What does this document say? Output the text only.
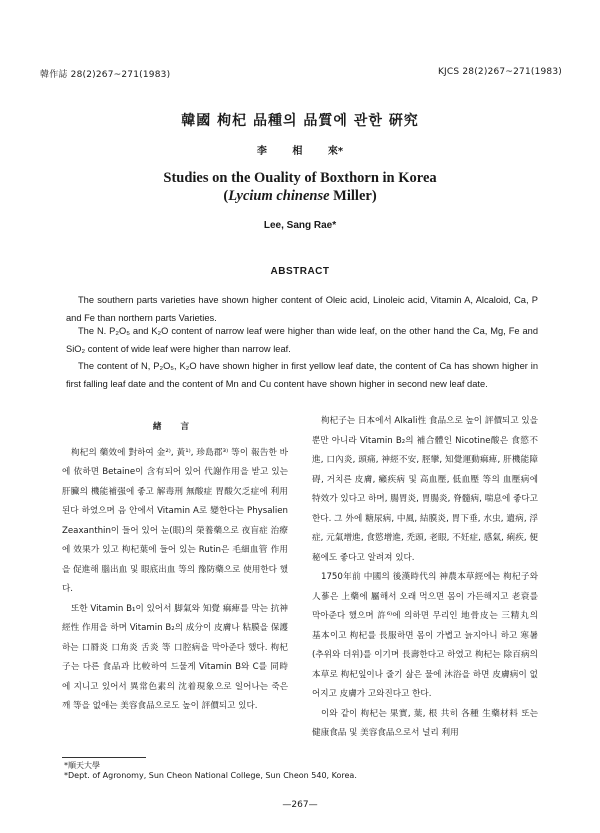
韓作誌 28(2)267~271(1983)	KJCS 28(2)267~271(1983)
韓國 枸杞 品種의 品質에 관한 硏究
李 相 來*
Studies on the Ouality of Boxthorn in Korea
(Lycium chinense Miller)
Lee, Sang Rae*
ABSTRACT

The southern parts varieties have shown higher content of Oleic acid, Linoleic acid, Vitamin A, Alcaloid, Ca, P and Fe than northern parts Varieties.

The N. P₂O₅ and K₂O content of narrow leaf were higher than wide leaf, on the other hand the Ca, Mg, Fe and SiO₂ content of wide leaf were higher than narrow leaf.

The content of N, P₂O₅, K₂O have shown higher in first yellow leaf date, the content of Ca has shown higher in first falling leaf date and the content of Mn and Cu content have shown higher in second new leaf date.

緖 言

枸杞의 藥效에 對하여 金²⁾, 黃¹⁾, 珍島郡³⁾ 等이 報告한 바에 依하면 Betaine이 含有되어 있어 代謝作用을 받고 있는 肝臟의 機能補强에 좋고 解毒刑 無酸症 胃酸欠乏症에 利用된다 하였으며 음 안에서 Vitamin A로 變한다는 Physalien Zeaxanthin이 들어 있어 눈(眼)의 榮養藥으로 夜盲症 治療에 效果가 있고 枸杞葉에 들어 있는 Rutin은 毛細血管 作用을 促進해 腦出血 및 眼底出血 等의 豫防藥으로 使用한다 했다.

또한 Vitamin B₁이 있어서 脚氣와 知覺 痲痺를 막는 抗神經性 作用을 하며 Vitamin B₂의 成分이 皮膚나 粘膜을 保護하는 口脣炎 口角炎 舌炎 等 口腔病을 막아준다 했다. 枸杞子는 다른 食品과 比較하여 드물게 Vitamin B와 C를 同時에 지니고 있어서 異常色素의 沈着現象으로 일어나는 죽은깨 等을 없애는 美容食品으로도 높이 評價되고 있다.

枸杞子는 日本에서 Alkali性 食品으로 높이 評價되고 있을 뿐만 아니라 Vitamin B₂의 補合體인 Nicotine酸은 食慾不進, 口內炎, 頭痛, 神經不安, 脛攣, 知覺運動痲痺, 肝機能障碍, 거치른 皮膚, 癩疾病 및 高血壓, 低血壓 等의 血壓病에 特效가 있다고 하며, 腸胃炎, 胃腸炎, 脊髓病, 喘息에 좋다고 한다. 그 外에 糖尿病, 中風, 結膜炎, 胃下垂, 水虫, 遺病, 浮症, 元氣增進, 食慾增進, 禿頭, 老眼, 不妊症, 感氣, 痢疾, 便秘에도 좋다고 알려져 있다.

1750年前 中國의 後漢時代의 神農本草經에는 枸杞子와 人蔘은 上藥에 屬해서 오래 먹으면 몸이 가든해지고 老衰를 막아준다 했으며 許⁶⁾에 의하면 무리인 地骨皮는 三精丸의 基本이고 枸杞를 長服하면 몸이 가볍고 늙지아니 하고 寒暑(추위와 더위)를 이기며 長壽한다고 하였고 枸杞는 除百病의 本草로 枸杞잎이나 줄기 삶은 물에 沐浴을 하면 皮膚病이 없어지고 皮膚가 고와진다고 한다.

이와 같이 枸杞는 果實, 葉, 根 共히 各種 生藥材料 또는 健康食品 및 美容食品으로서 널리 利用

*順天大學
*Dept. of Agronomy, Sun Cheon National College, Sun Cheon 540, Korea.
—267—
